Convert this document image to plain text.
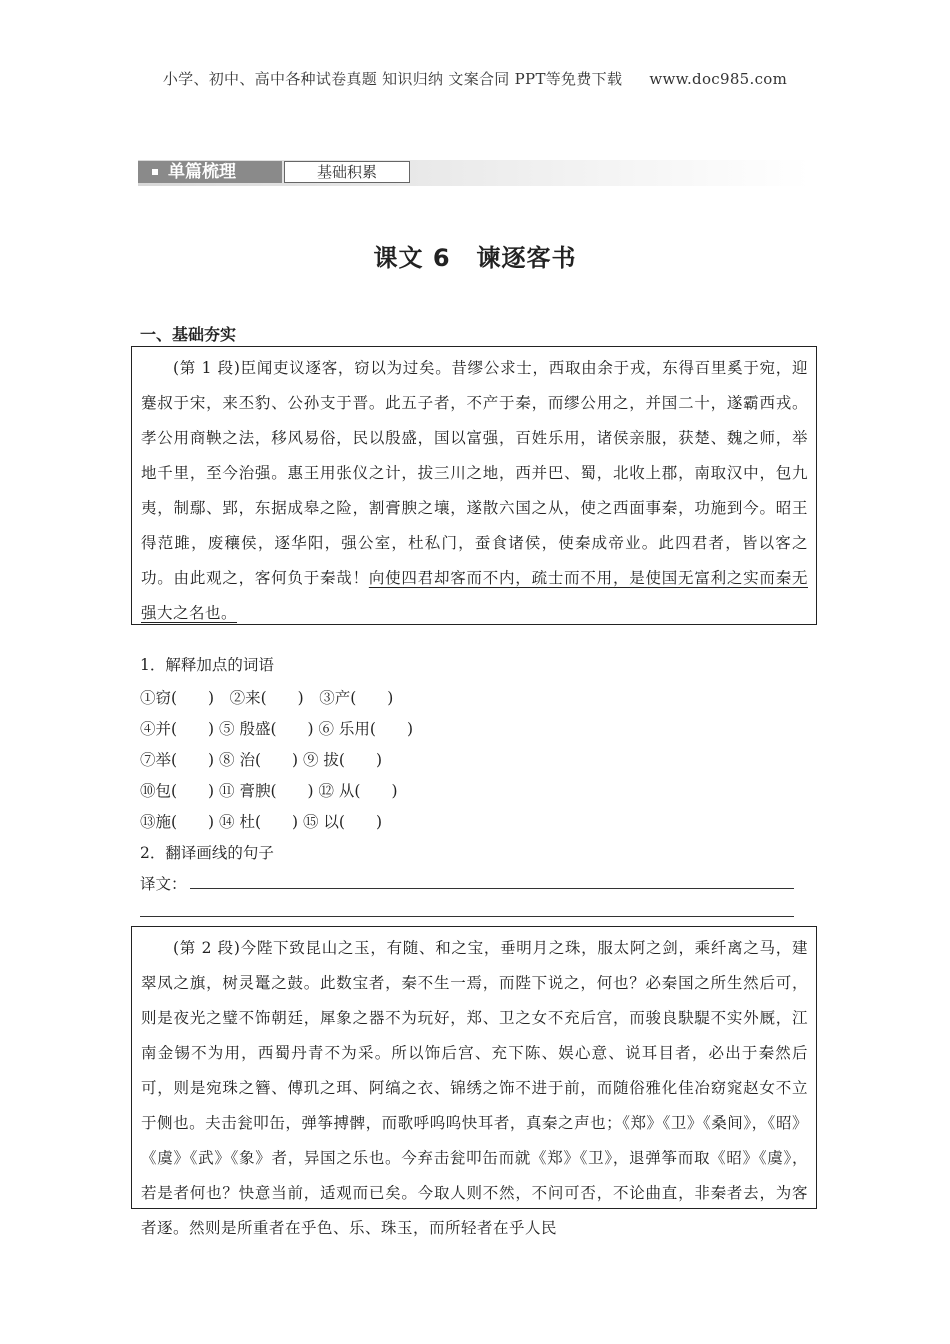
小学、初中、高中各种试卷真题 知识归纳 文案合同 PPT等免费下载 www.doc985.com
单篇梳理	基础积累
课文 6 谏逐客书
一、基础夯实
(第 1 段)臣闻吏议逐客，窃以为过矣。昔缪公求士，西取由余于戎，东得百里奚于宛，迎蹇叔于宋，来丕豹、公孙支于晋。此五子者，不产于秦，而缪公用之，并国二十，遂霸西戎。孝公用商鞅之法，移风易俗，民以殷盛，国以富强，百姓乐用，诸侯亲服，获楚、魏之师，举地千里，至今治强。惠王用张仪之计，拔三川之地，西并巴、蜀，北收上郡，南取汉中，包九夷，制鄢、郢，东据成皋之险，割膏腴之壤，遂散六国之从，使之西面事秦，功施到今。昭王得范雎，废穰侯，逐华阳，强公室，杜私门，蚕食诸侯，使秦成帝业。此四君者，皆以客之功。由此观之，客何负于秦哉！向使四君却客而不内，疏士而不用，是使国无富利之实而秦无强大之名也。
1．解释加点的词语
①窃(　　)　②来(　　)　③产(　　)
④并(　　) ⑤ 殷盛(　　) ⑥ 乐用(　　)
⑦举(　　) ⑧ 治(　　) ⑨ 拔(　　)
⑩包(　　) ⑪ 膏腴(　　) ⑫ 从(　　)
⑬施(　　) ⑭ 杜(　　) ⑮ 以(　　)
2．翻译画线的句子
译文：
(第 2 段)今陛下致昆山之玉，有随、和之宝，垂明月之珠，服太阿之剑，乘纤离之马，建翠凤之旗，树灵鼍之鼓。此数宝者，秦不生一焉，而陛下说之，何也？必秦国之所生然后可，则是夜光之璧不饰朝廷，犀象之器不为玩好，郑、卫之女不充后宫，而骏良駃騠不实外厩，江南金锡不为用，西蜀丹青不为采。所以饰后宫、充下陈、娱心意、说耳目者，必出于秦然后可，则是宛珠之簪、傅玑之珥、阿缟之衣、锦绣之饰不进于前，而随俗雅化佳冶窈窕赵女不立于侧也。夫击瓮叩缶，弹筝搏髀，而歌呼呜呜快耳者，真秦之声也；《郑》《卫》《桑间》，《昭》《虞》《武》《象》者，异国之乐也。今弃击瓮叩缶而就《郑》《卫》，退弹筝而取《昭》《虞》，若是者何也？快意当前，适观而已矣。今取人则不然，不问可否，不论曲直，非秦者去，为客者逐。然则是所重者在乎色、乐、珠玉，而所轻者在乎人民
